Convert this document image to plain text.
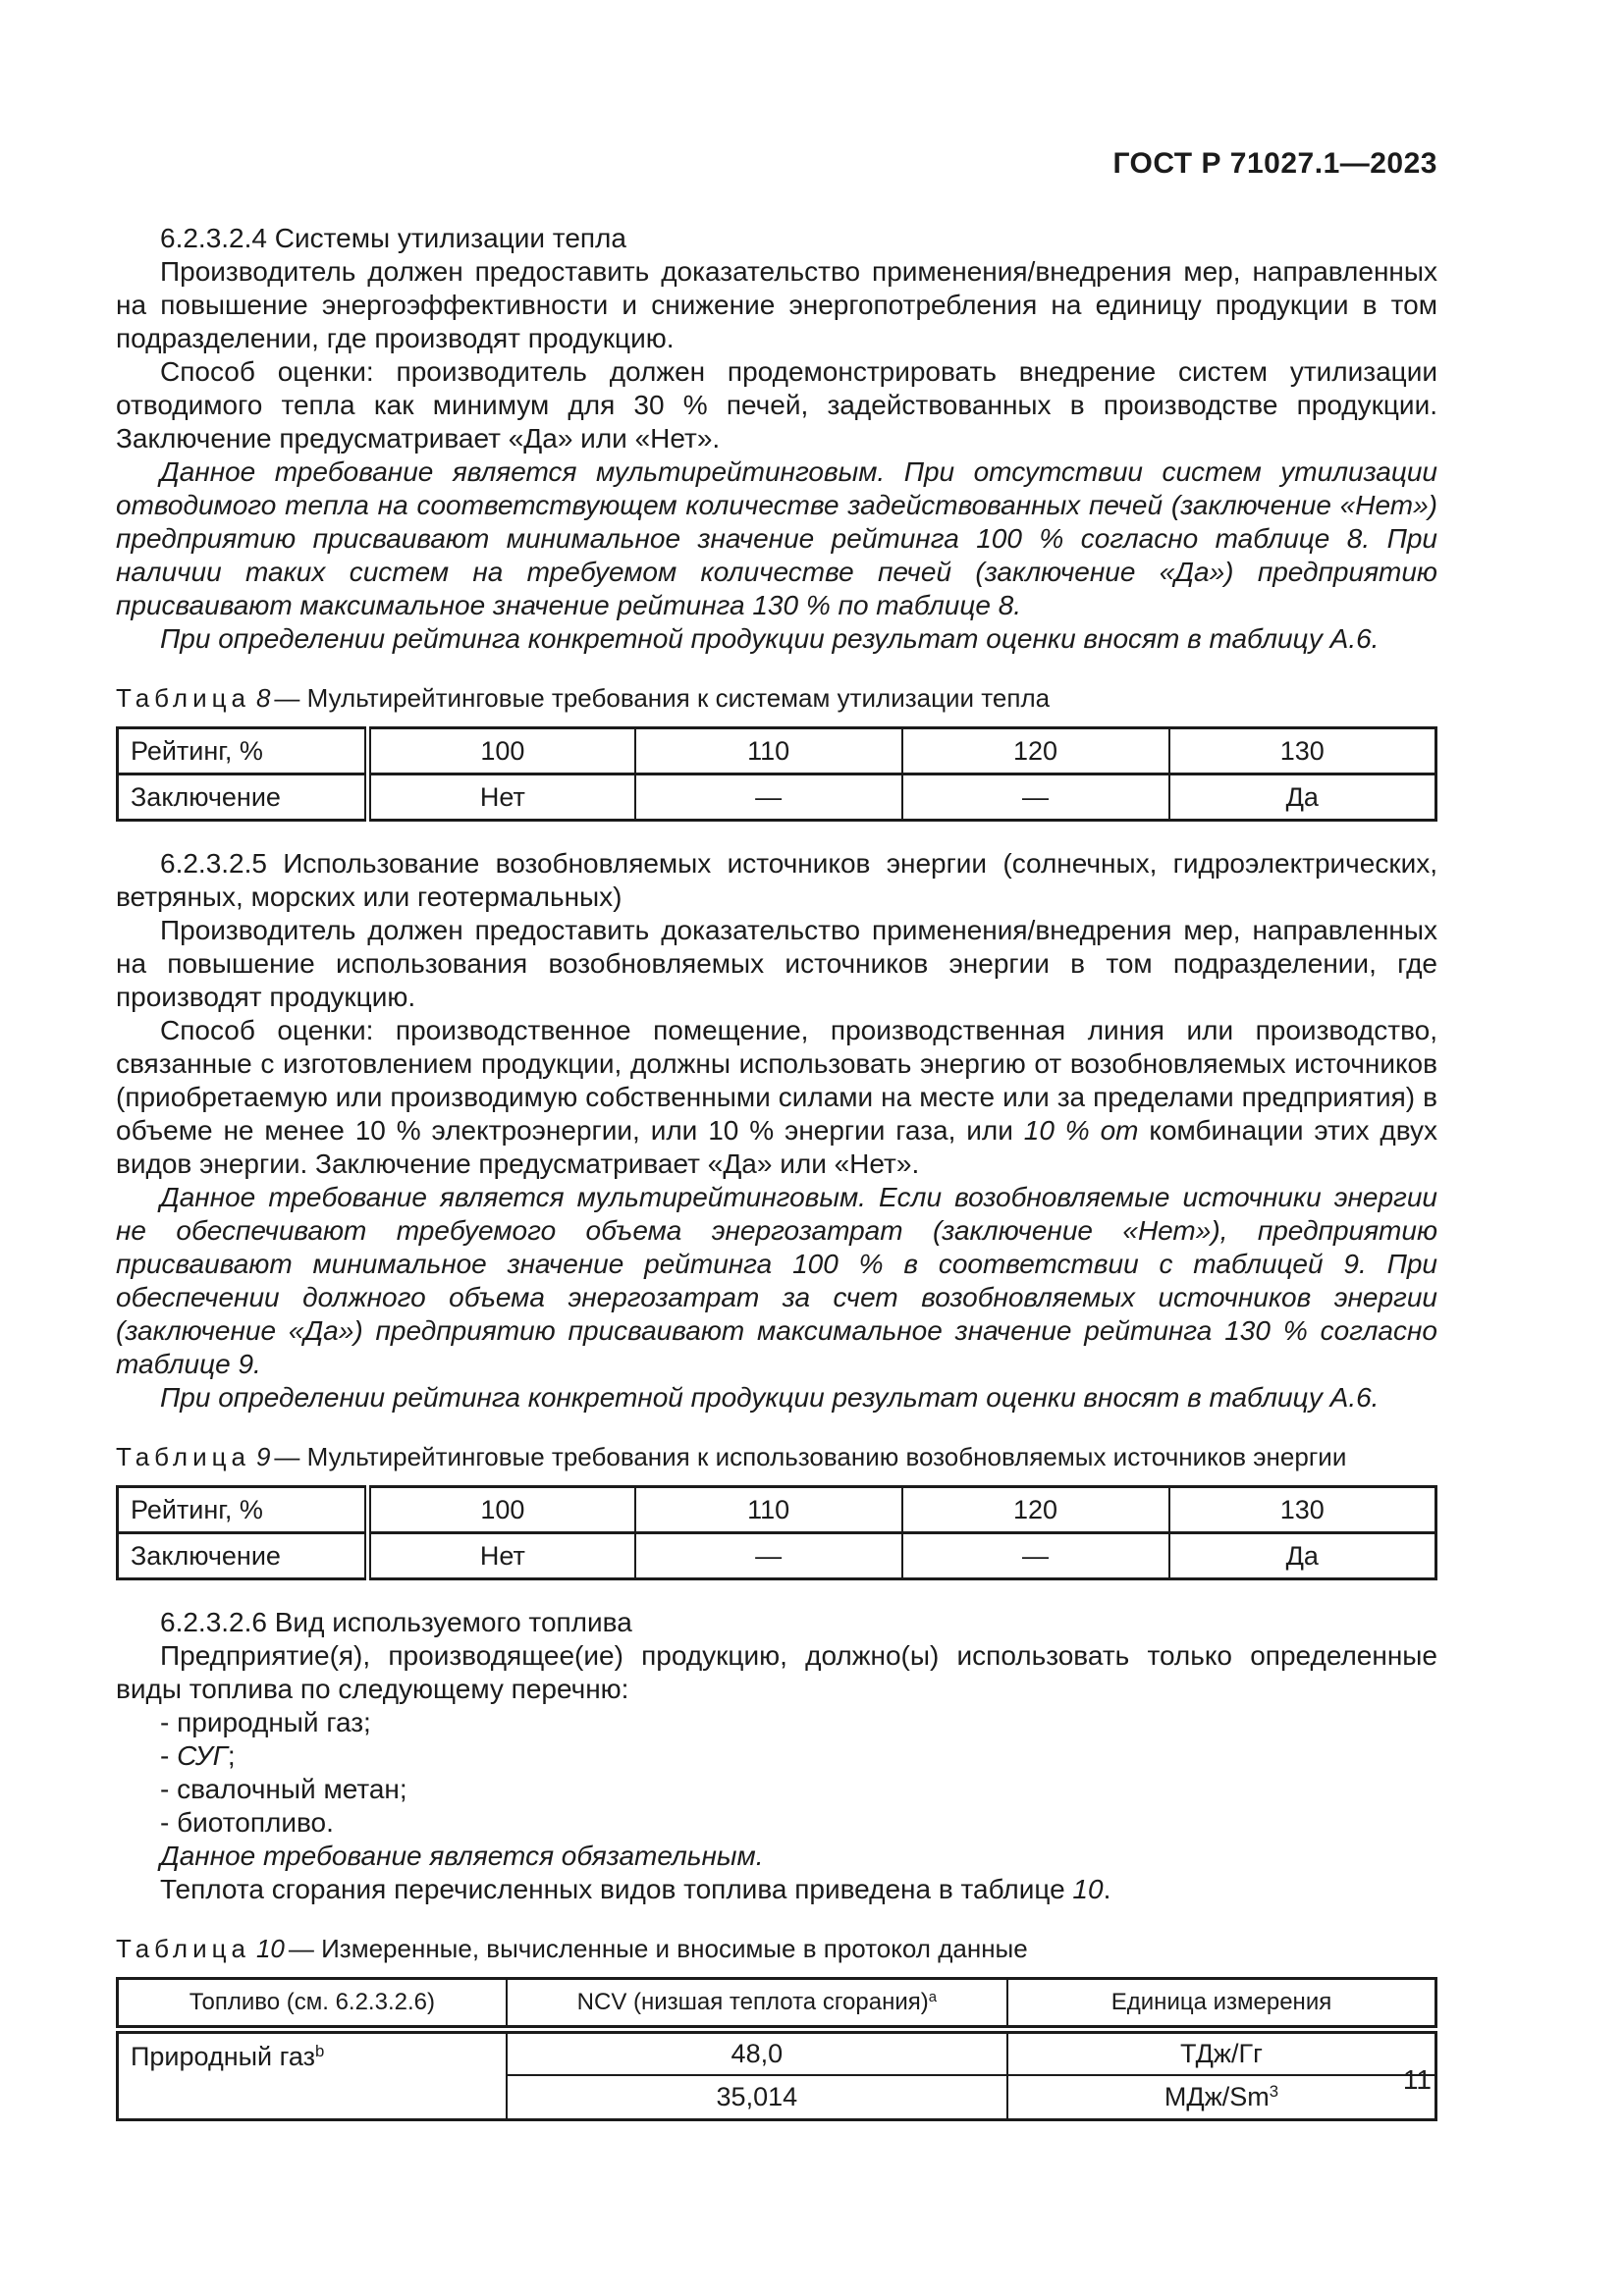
ГОСТ Р 71027.1—2023

6.2.3.2.4 Системы утилизации тепла

Производитель должен предоставить доказательство применения/внедрения мер, направленных на повышение энергоэффективности и снижение энергопотребления на единицу продукции в том подразделении, где производят продукцию.

Способ оценки: производитель должен продемонстрировать внедрение систем утилизации отводимого тепла как минимум для 30 % печей, задействованных в производстве продукции. Заключение предусматривает «Да» или «Нет».

Данное требование является мультирейтинговым. При отсутствии систем утилизации отводимого тепла на соответствующем количестве задействованных печей (заключение «Нет») предприятию присваивают минимальное значение рейтинга 100 % согласно таблице 8. При наличии таких систем на требуемом количестве печей (заключение «Да») предприятию присваивают максимальное значение рейтинга 130 % по таблице 8.

При определении рейтинга конкретной продукции результат оценки вносят в таблицу А.6.

Таблица 8 — Мультирейтинговые требования к системам утилизации тепла

Рейтинг, %	100	110	120	130
Заключение	Нет	—	—	Да

6.2.3.2.5 Использование возобновляемых источников энергии (солнечных, гидроэлектрических, ветряных, морских или геотермальных)

Производитель должен предоставить доказательство применения/внедрения мер, направленных на повышение использования возобновляемых источников энергии в том подразделении, где производят продукцию.

Способ оценки: производственное помещение, производственная линия или производство, связанные с изготовлением продукции, должны использовать энергию от возобновляемых источников (приобретаемую или производимую собственными силами на месте или за пределами предприятия) в объеме не менее 10 % электроэнергии, или 10 % энергии газа, или 10 % от комбинации этих двух видов энергии. Заключение предусматривает «Да» или «Нет».

Данное требование является мультирейтинговым. Если возобновляемые источники энергии не обеспечивают требуемого объема энергозатрат (заключение «Нет»), предприятию присваивают минимальное значение рейтинга 100 % в соответствии с таблицей 9. При обеспечении должного объема энергозатрат за счет возобновляемых источников энергии (заключение «Да») предприятию присваивают максимальное значение рейтинга 130 % согласно таблице 9.

При определении рейтинга конкретной продукции результат оценки вносят в таблицу А.6.

Таблица 9 — Мультирейтинговые требования к использованию возобновляемых источников энергии

Рейтинг, %	100	110	120	130
Заключение	Нет	—	—	Да

6.2.3.2.6 Вид используемого топлива

Предприятие(я), производящее(ие) продукцию, должно(ы) использовать только определенные виды топлива по следующему перечню:

- природный газ;

- СУГ;

- свалочный метан;

- биотопливо.

Данное требование является обязательным.

Теплота сгорания перечисленных видов топлива приведена в таблице 10.

Таблица 10 — Измеренные, вычисленные и вносимые в протокол данные

Топливо (см. 6.2.3.2.6)	NCV (низшая теплота сгорания)$^a$	Единица измерения
Природный газ$^b$	48,0	ТДж/Гг
	35,014	МДж/Sm$^3$	11
